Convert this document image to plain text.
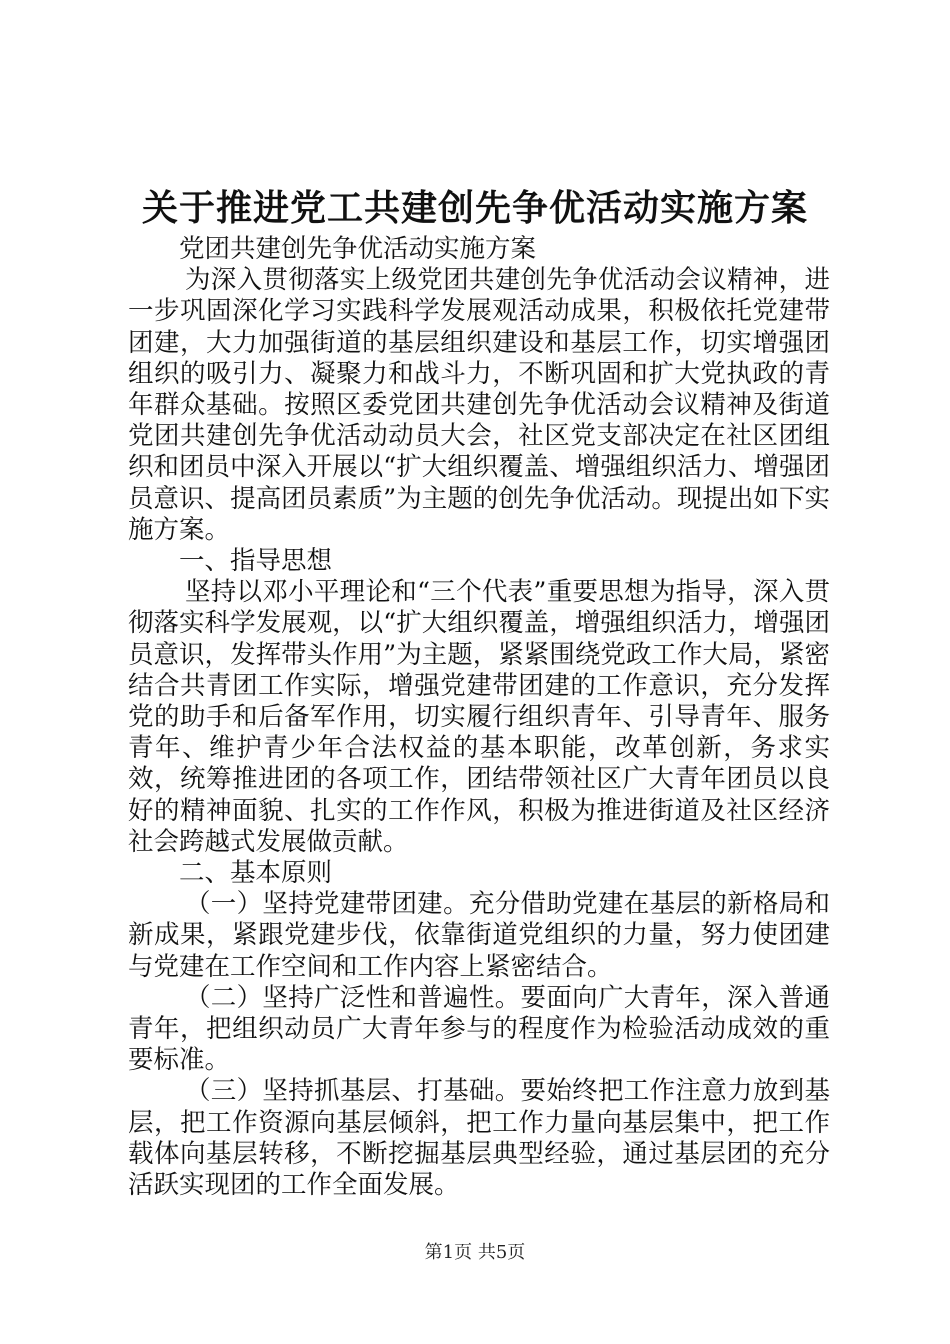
关于推进党工共建创先争优活动实施方案

党团共建创先争优活动实施方案

为深入贯彻落实上级党团共建创先争优活动会议精神，进一步巩固深化学习实践科学发展观活动成果，积极依托党建带团建，大力加强街道的基层组织建设和基层工作，切实增强团组织的吸引力、凝聚力和战斗力，不断巩固和扩大党执政的青年群众基础。按照区委党团共建创先争优活动会议精神及街道党团共建创先争优活动动员大会，社区党支部决定在社区团组织和团员中深入开展以“扩大组织覆盖、增强组织活力、增强团员意识、提高团员素质”为主题的创先争优活动。现提出如下实施方案。

一、指导思想

坚持以邓小平理论和“三个代表”重要思想为指导，深入贯彻落实科学发展观，以“扩大组织覆盖，增强组织活力，增强团员意识，发挥带头作用”为主题，紧紧围绕党政工作大局，紧密结合共青团工作实际，增强党建带团建的工作意识，充分发挥党的助手和后备军作用，切实履行组织青年、引导青年、服务青年、维护青少年合法权益的基本职能，改革创新，务求实效，统筹推进团的各项工作，团结带领社区广大青年团员以良好的精神面貌、扎实的工作作风，积极为推进街道及社区经济社会跨越式发展做贡献。

二、基本原则

（一）坚持党建带团建。充分借助党建在基层的新格局和新成果，紧跟党建步伐，依靠街道党组织的力量，努力使团建与党建在工作空间和工作内容上紧密结合。

（二）坚持广泛性和普遍性。要面向广大青年，深入普通青年，把组织动员广大青年参与的程度作为检验活动成效的重要标准。

（三）坚持抓基层、打基础。要始终把工作注意力放到基层，把工作资源向基层倾斜，把工作力量向基层集中，把工作载体向基层转移，不断挖掘基层典型经验，通过基层团的充分活跃实现团的工作全面发展。

第1页 共5页
